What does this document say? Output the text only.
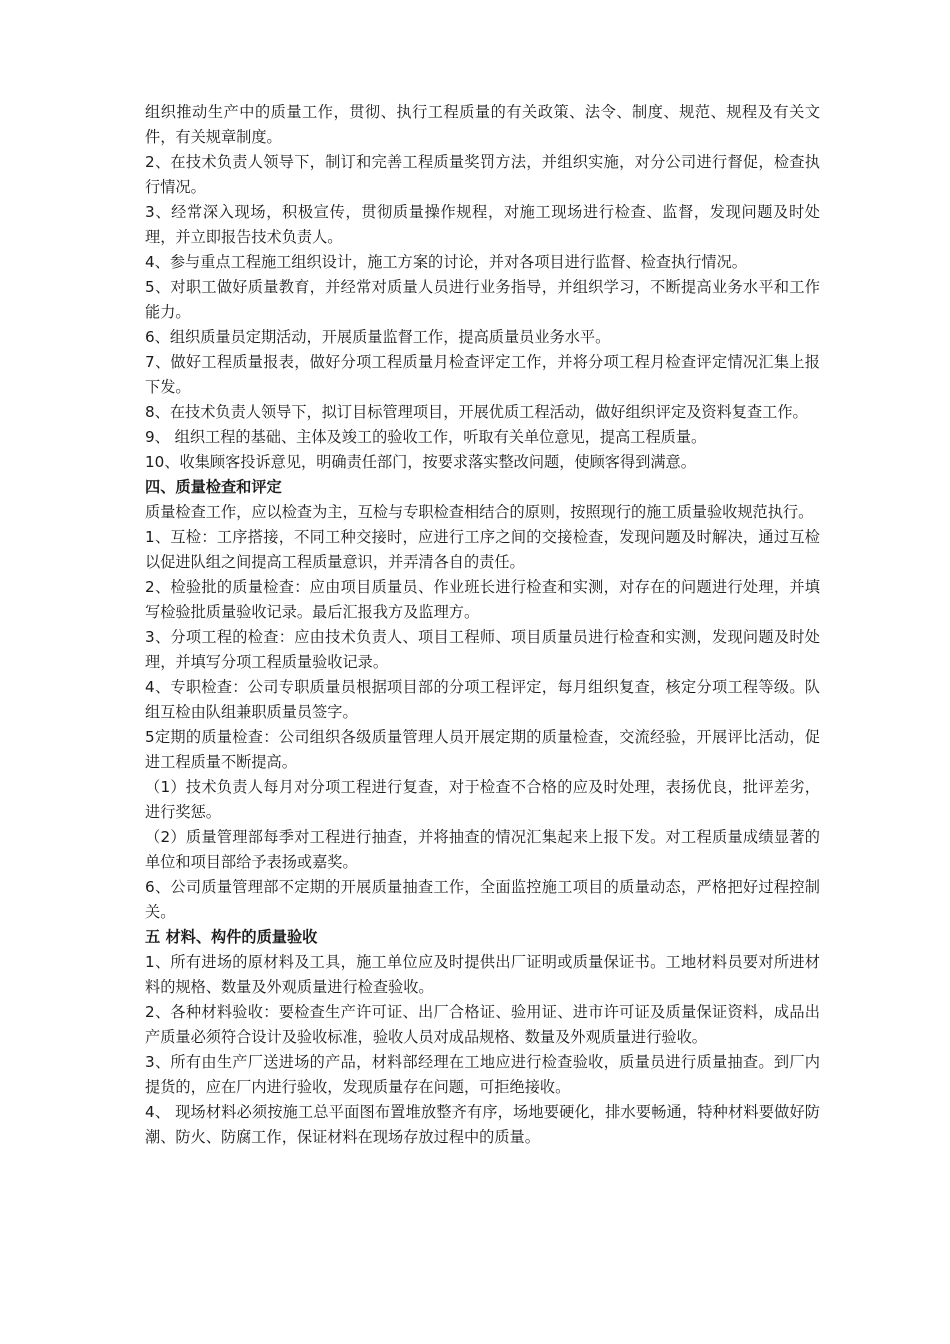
组织推动生产中的质量工作，贯彻、执行工程质量的有关政策、法令、制度、规范、规程及有关文件，有关规章制度。

2、在技术负责人领导下，制订和完善工程质量奖罚方法，并组织实施，对分公司进行督促，检查执行情况。

3、经常深入现场，积极宣传，贯彻质量操作规程，对施工现场进行检查、监督，发现问题及时处理，并立即报告技术负责人。

4、参与重点工程施工组织设计，施工方案的讨论，并对各项目进行监督、检查执行情况。

5、对职工做好质量教育，并经常对质量人员进行业务指导，并组织学习，不断提高业务水平和工作能力。

6、组织质量员定期活动，开展质量监督工作，提高质量员业务水平。

7、做好工程质量报表，做好分项工程质量月检查评定工作，并将分项工程月检查评定情况汇集上报下发。

8、在技术负责人领导下，拟订目标管理项目，开展优质工程活动，做好组织评定及资料复查工作。

9、 组织工程的基础、主体及竣工的验收工作，听取有关单位意见，提高工程质量。

10、收集顾客投诉意见，明确责任部门，按要求落实整改问题，使顾客得到满意。

四、质量检查和评定

质量检查工作，应以检查为主，互检与专职检查相结合的原则，按照现行的施工质量验收规范执行。

1、互检：工序搭接，不同工种交接时，应进行工序之间的交接检查，发现问题及时解决，通过互检以促进队组之间提高工程质量意识，并弄清各自的责任。

2、检验批的质量检查：应由项目质量员、作业班长进行检查和实测，对存在的问题进行处理，并填写检验批质量验收记录。最后汇报我方及监理方。

3、分项工程的检查：应由技术负责人、项目工程师、项目质量员进行检查和实测，发现问题及时处理，并填写分项工程质量验收记录。

4、专职检查：公司专职质量员根据项目部的分项工程评定，每月组织复查，核定分项工程等级。队组互检由队组兼职质量员签字。

5定期的质量检查：公司组织各级质量管理人员开展定期的质量检查，交流经验，开展评比活动，促进工程质量不断提高。

（1）技术负责人每月对分项工程进行复查，对于检查不合格的应及时处理，表扬优良，批评差劣，进行奖惩。

（2）质量管理部每季对工程进行抽查，并将抽查的情况汇集起来上报下发。对工程质量成绩显著的单位和项目部给予表扬或嘉奖。

6、公司质量管理部不定期的开展质量抽查工作，全面监控施工项目的质量动态，严格把好过程控制关。

五 材料、构件的质量验收

1、所有进场的原材料及工具，施工单位应及时提供出厂证明或质量保证书。工地材料员要对所进材料的规格、数量及外观质量进行检查验收。

2、各种材料验收：要检查生产许可证、出厂合格证、验用证、进市许可证及质量保证资料，成品出产质量必须符合设计及验收标准，验收人员对成品规格、数量及外观质量进行验收。

3、所有由生产厂送进场的产品，材料部经理在工地应进行检查验收，质量员进行质量抽查。到厂内提货的，应在厂内进行验收，发现质量存在问题，可拒绝接收。

4、 现场材料必须按施工总平面图布置堆放整齐有序，场地要硬化，排水要畅通，特种材料要做好防潮、防火、防腐工作，保证材料在现场存放过程中的质量。
